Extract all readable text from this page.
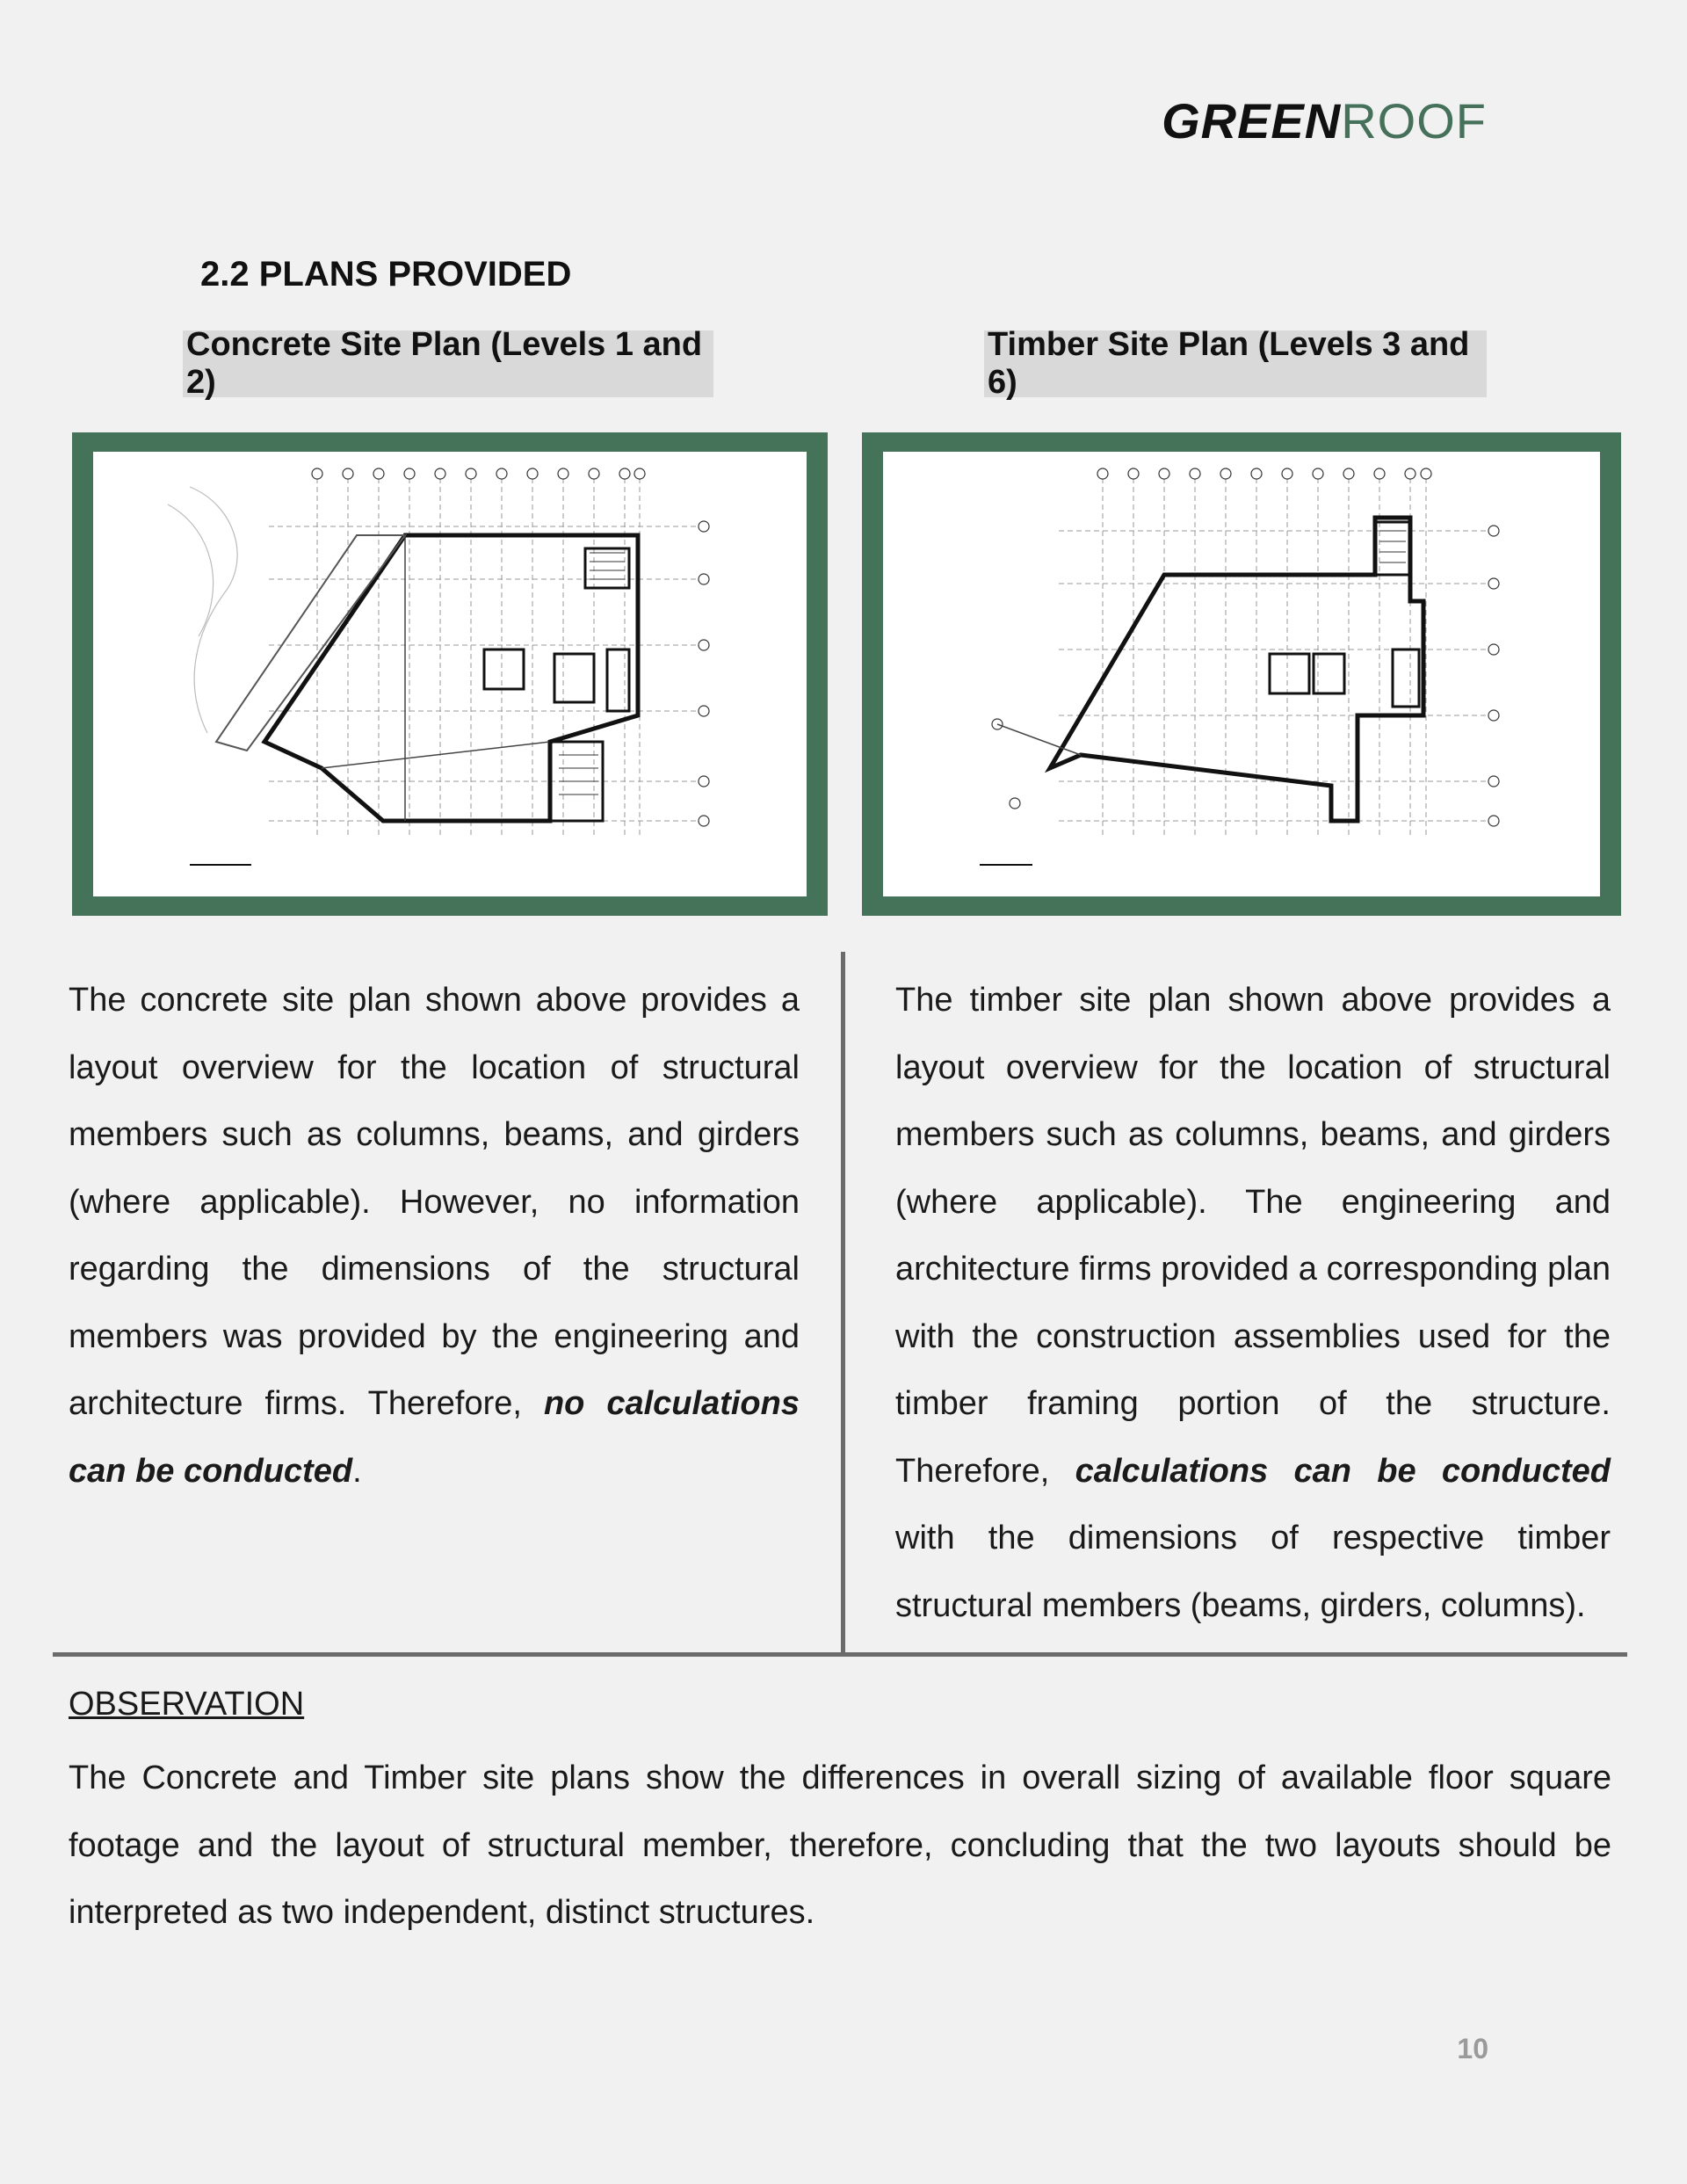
GREENROOF
2.2 PLANS PROVIDED
Concrete Site Plan (Levels 1 and 2)
Timber Site Plan (Levels 3 and 6)
The concrete site plan shown above provides a layout overview for the location of structural members such as columns, beams, and girders (where applicable). However, no information regarding the dimensions of the structural members was provided by the engineering and architecture firms. Therefore, no calculations can be conducted.
The timber site plan shown above provides a layout overview for the location of structural members such as columns, beams, and girders (where applicable). The engineering and architecture firms provided a corresponding plan with the construction assemblies used for the timber framing portion of the structure. Therefore, calculations can be conducted with the dimensions of respective timber structural members (beams, girders, columns).
OBSERVATION
The Concrete and Timber site plans show the differences in overall sizing of available floor square footage and the layout of structural member, therefore, concluding that the two layouts should be interpreted as two independent, distinct structures.
10
